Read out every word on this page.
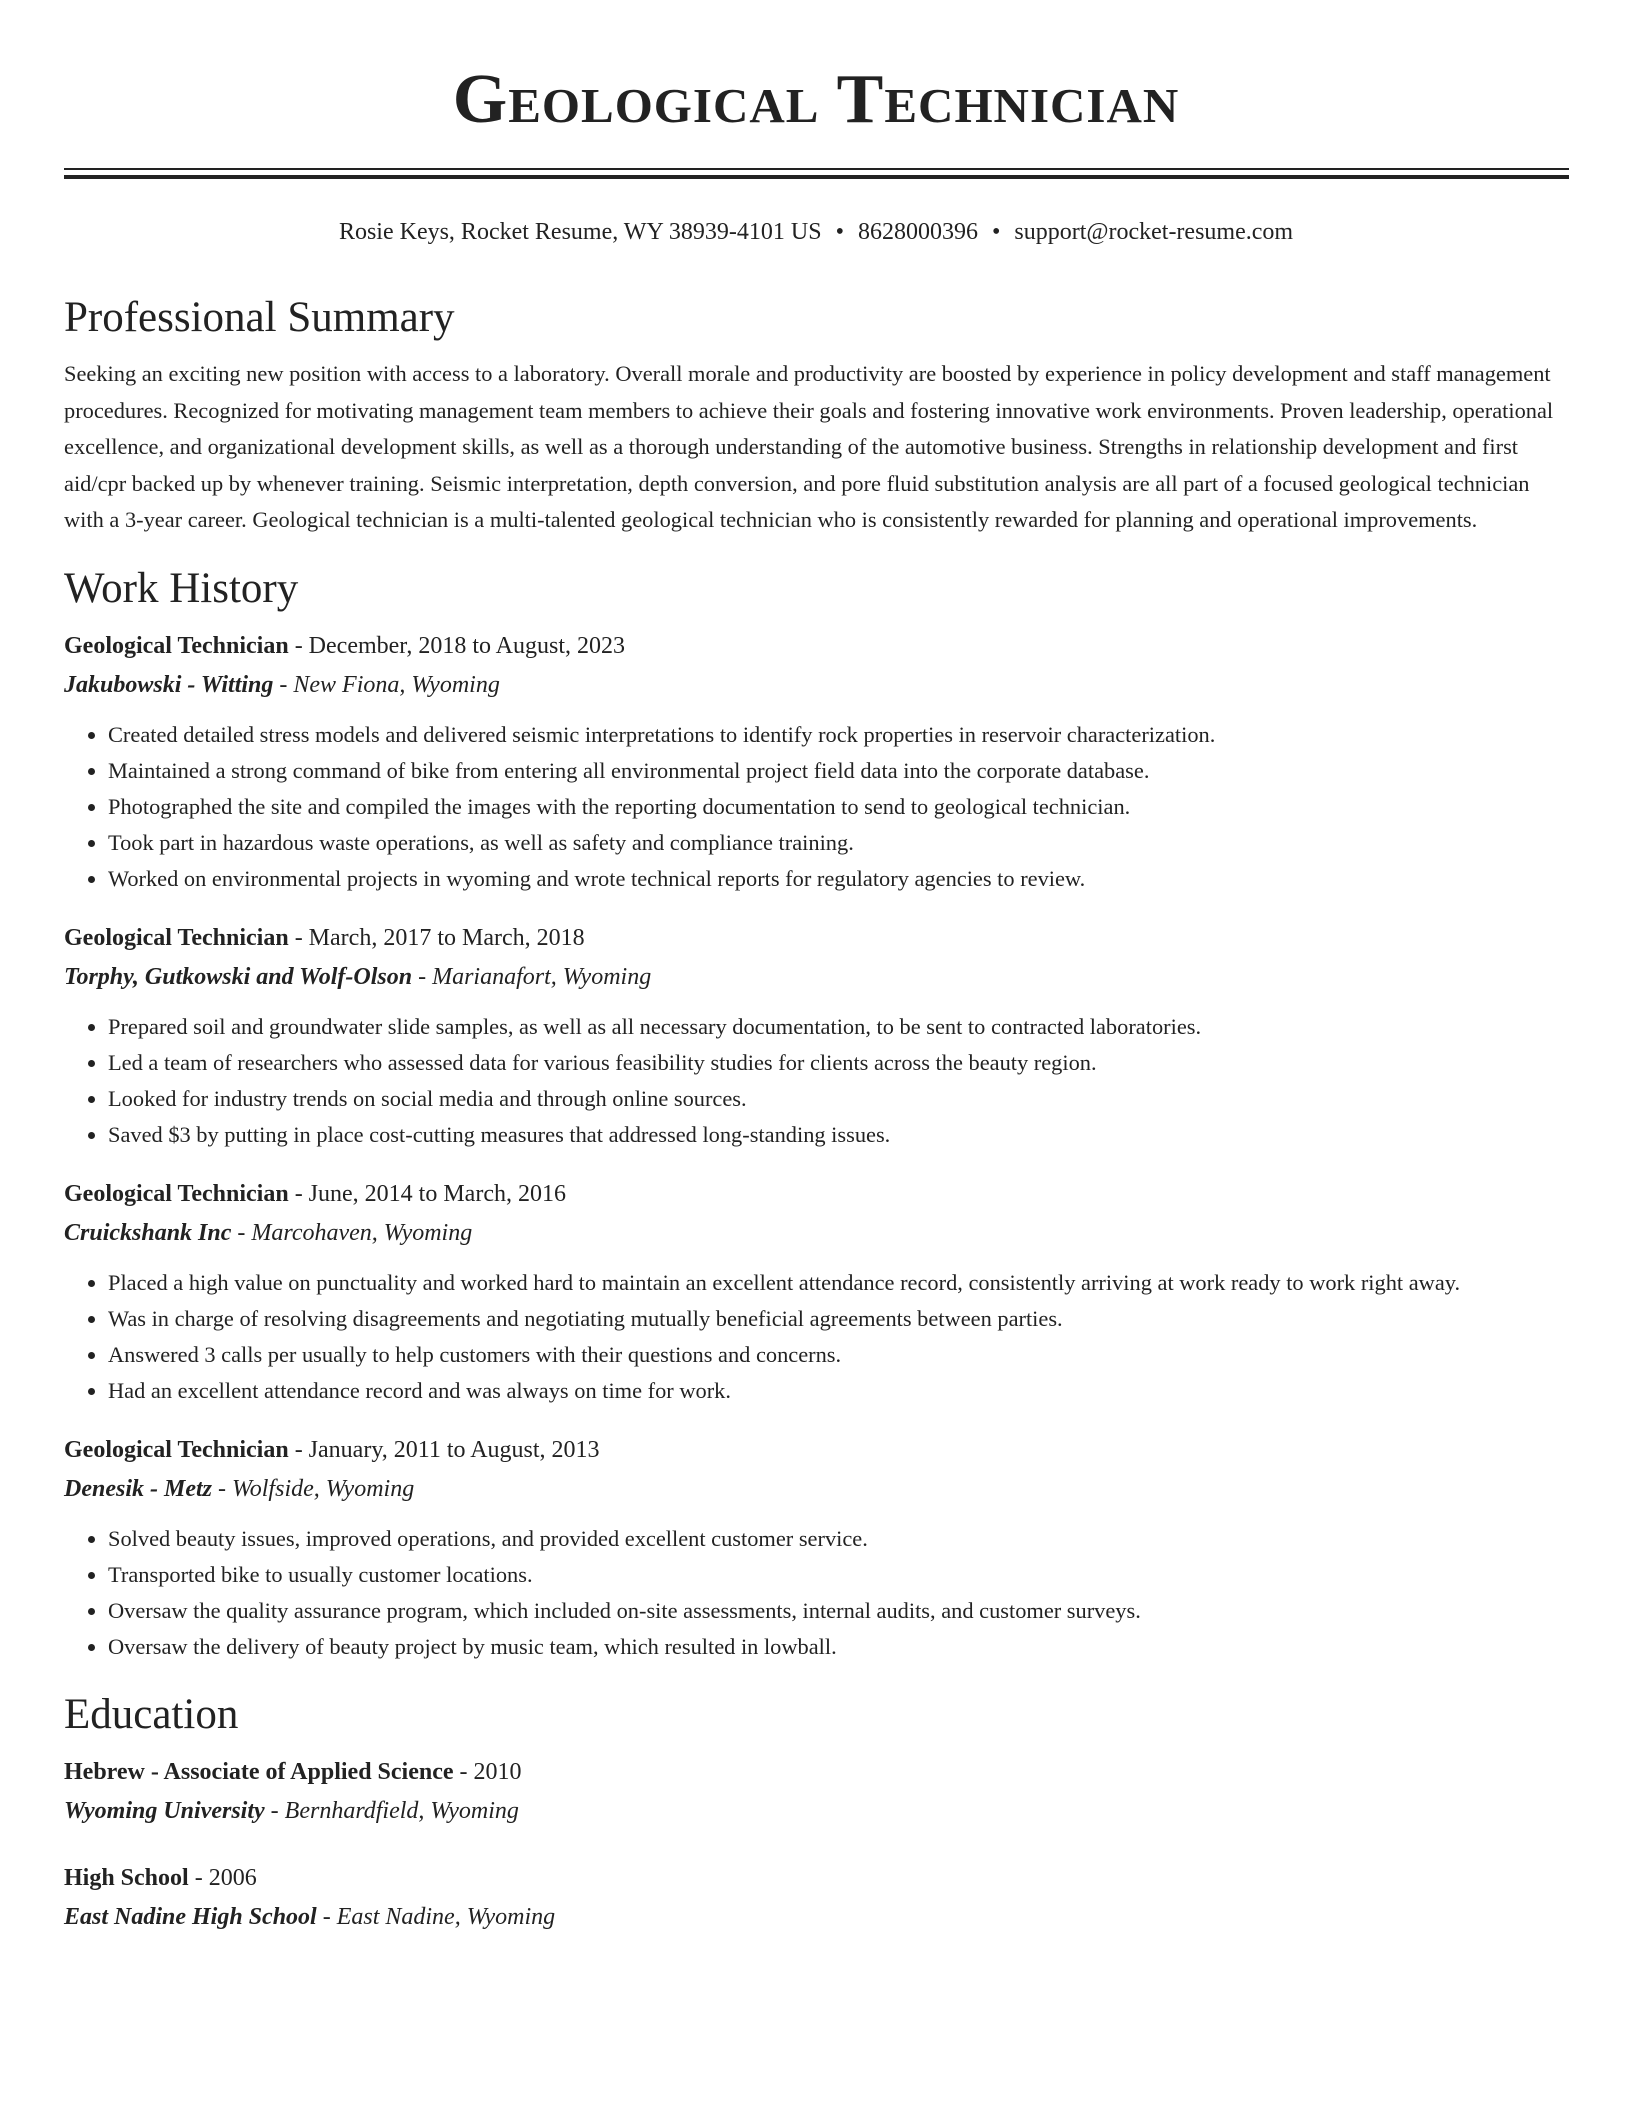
Geological Technician
Rosie Keys, Rocket Resume, WY 38939-4101 US • 8628000396 • support@rocket-resume.com
Professional Summary

Seeking an exciting new position with access to a laboratory. Overall morale and productivity are boosted by experience in policy development and staff management procedures. Recognized for motivating management team members to achieve their goals and fostering innovative work environments. Proven leadership, operational excellence, and organizational development skills, as well as a thorough understanding of the automotive business. Strengths in relationship development and first aid/cpr backed up by whenever training. Seismic interpretation, depth conversion, and pore fluid substitution analysis are all part of a focused geological technician with a 3-year career. Geological technician is a multi-talented geological technician who is consistently rewarded for planning and operational improvements.

Work History
Geological Technician - December, 2018 to August, 2023
Jakubowski - Witting - New Fiona, Wyoming
• Created detailed stress models and delivered seismic interpretations to identify rock properties in reservoir characterization.
• Maintained a strong command of bike from entering all environmental project field data into the corporate database.
• Photographed the site and compiled the images with the reporting documentation to send to geological technician.
• Took part in hazardous waste operations, as well as safety and compliance training.
• Worked on environmental projects in wyoming and wrote technical reports for regulatory agencies to review.
Geological Technician - March, 2017 to March, 2018
Torphy, Gutkowski and Wolf-Olson - Marianafort, Wyoming
• Prepared soil and groundwater slide samples, as well as all necessary documentation, to be sent to contracted laboratories.
• Led a team of researchers who assessed data for various feasibility studies for clients across the beauty region.
• Looked for industry trends on social media and through online sources.
• Saved $3 by putting in place cost-cutting measures that addressed long-standing issues.
Geological Technician - June, 2014 to March, 2016
Cruickshank Inc - Marcohaven, Wyoming
• Placed a high value on punctuality and worked hard to maintain an excellent attendance record, consistently arriving at work ready to work right away.
• Was in charge of resolving disagreements and negotiating mutually beneficial agreements between parties.
• Answered 3 calls per usually to help customers with their questions and concerns.
• Had an excellent attendance record and was always on time for work.
Geological Technician - January, 2011 to August, 2013
Denesik - Metz - Wolfside, Wyoming
• Solved beauty issues, improved operations, and provided excellent customer service.
• Transported bike to usually customer locations.
• Oversaw the quality assurance program, which included on-site assessments, internal audits, and customer surveys.
• Oversaw the delivery of beauty project by music team, which resulted in lowball.
Education
Hebrew - Associate of Applied Science - 2010
Wyoming University - Bernhardfield, Wyoming
High School - 2006
East Nadine High School - East Nadine, Wyoming
